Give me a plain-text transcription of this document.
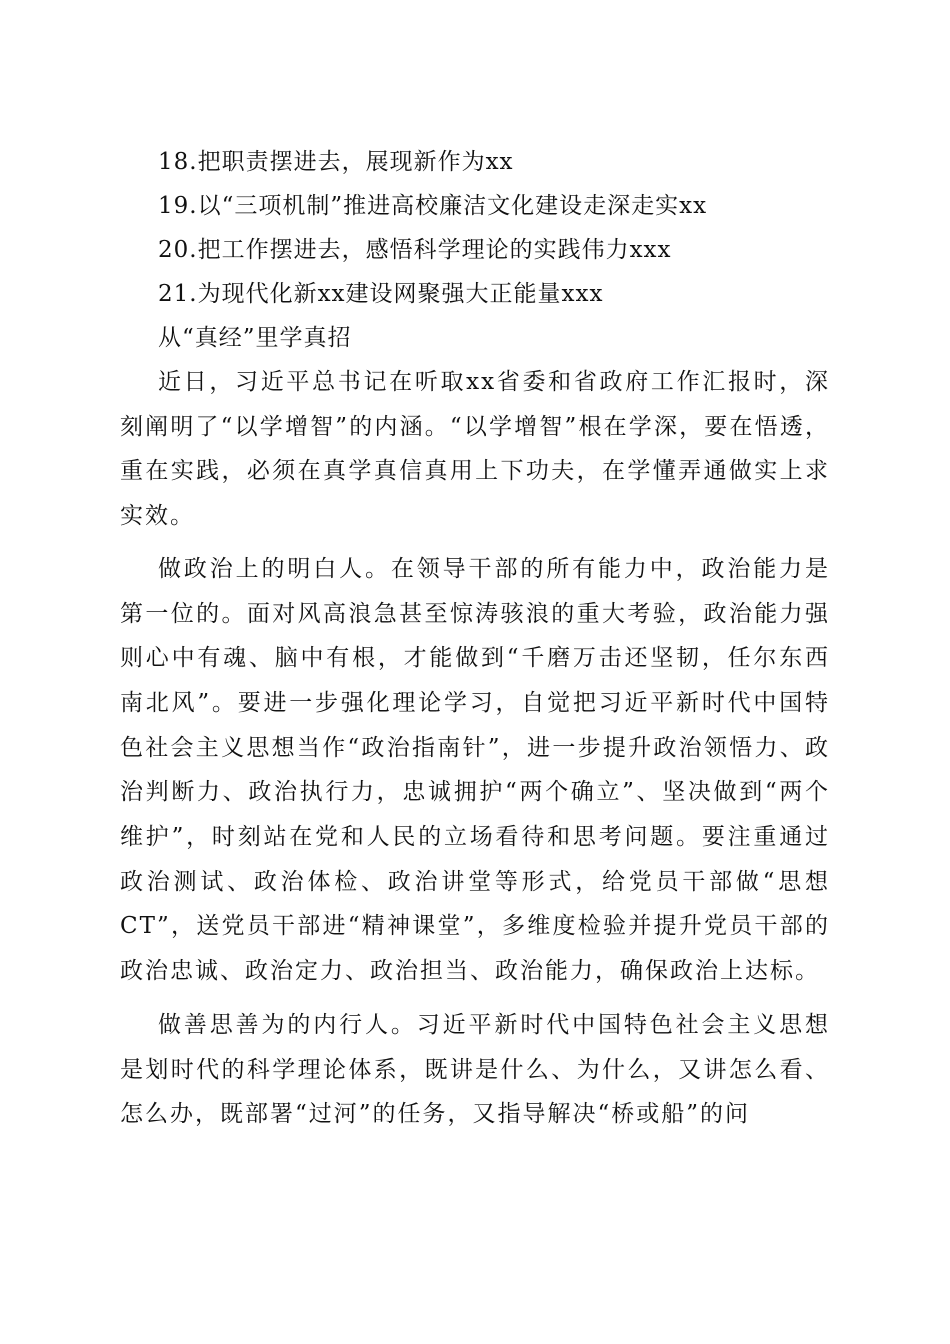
18.把职责摆进去，展现新作为xx
19.以“三项机制”推进高校廉洁文化建设走深走实xx
20.把工作摆进去，感悟科学理论的实践伟力xxx
21.为现代化新xx建设网聚强大正能量xxx
从“真经”里学真招

近日，习近平总书记在听取xx省委和省政府工作汇报时，深刻阐明了“以学增智”的内涵。“以学增智”根在学深，要在悟透，重在实践，必须在真学真信真用上下功夫，在学懂弄通做实上求实效。

做政治上的明白人。在领导干部的所有能力中，政治能力是第一位的。面对风高浪急甚至惊涛骇浪的重大考验，政治能力强则心中有魂、脑中有根，才能做到“千磨万击还坚韧，任尔东西南北风”。要进一步强化理论学习，自觉把习近平新时代中国特色社会主义思想当作“政治指南针”，进一步提升政治领悟力、政治判断力、政治执行力，忠诚拥护“两个确立”、坚决做到“两个维护”，时刻站在党和人民的立场看待和思考问题。要注重通过政治测试、政治体检、政治讲堂等形式，给党员干部做“思想CT”，送党员干部进“精神课堂”，多维度检验并提升党员干部的政治忠诚、政治定力、政治担当、政治能力，确保政治上达标。

做善思善为的内行人。习近平新时代中国特色社会主义思想是划时代的科学理论体系，既讲是什么、为什么，又讲怎么看、怎么办，既部署“过河”的任务，又指导解决“桥或船”的问
